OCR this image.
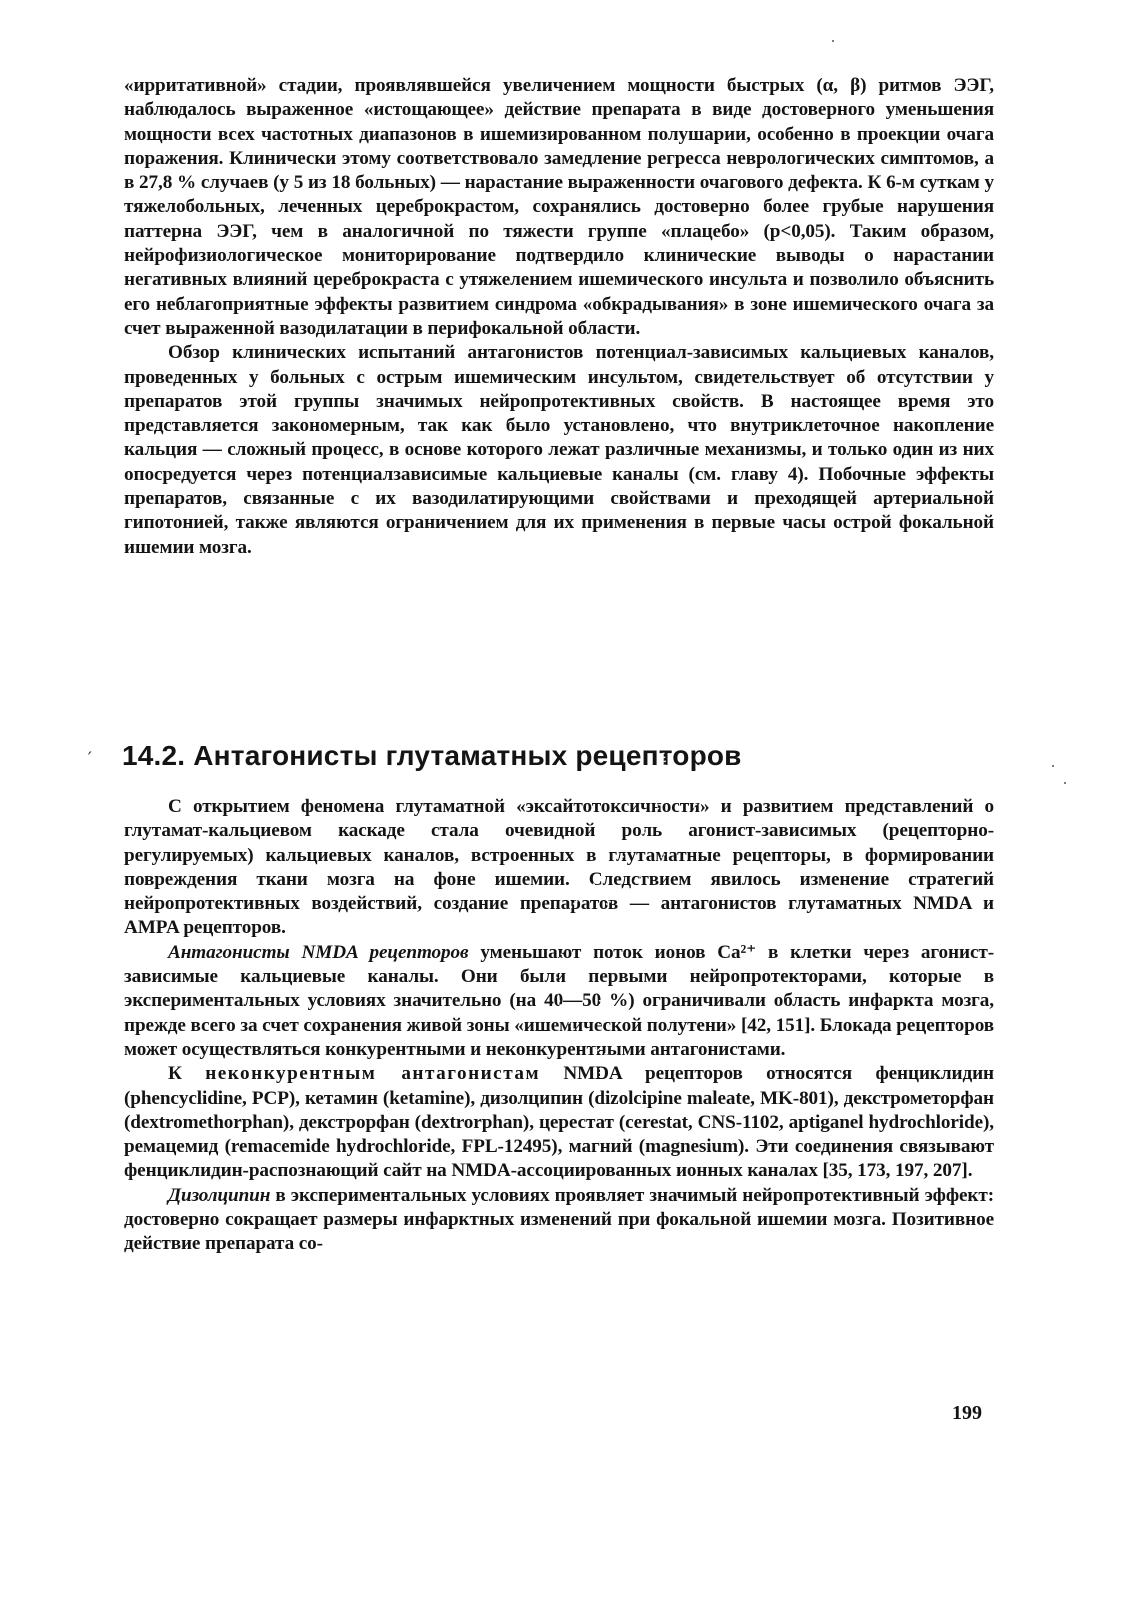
«ирритативной» стадии, проявлявшейся увеличением мощности быстрых (α, β) ритмов ЭЭГ, наблюдалось выраженное «истощающее» действие препарата в виде достоверного уменьшения мощности всех частотных диапазонов в ишемизированном полушарии, особенно в проекции очага поражения. Клинически этому соответствовало замедление регресса неврологических симптомов, а в 27,8 % случаев (у 5 из 18 больных) — нарастание выраженности очагового дефекта. К 6-м суткам у тяжелобольных, леченных цереброкрастом, сохранялись достоверно более грубые нарушения паттерна ЭЭГ, чем в аналогичной по тяжести группе «плацебо» (p<0,05). Таким образом, нейрофизиологическое мониторирование подтвердило клинические выводы о нарастании негативных влияний цереброкраста с утяжелением ишемического инсульта и позволило объяснить его неблагоприятные эффекты развитием синдрома «обкрадывания» в зоне ишемического очага за счет выраженной вазодилатации в перифокальной области.

Обзор клинических испытаний антагонистов потенциал-зависимых кальциевых каналов, проведенных у больных с острым ишемическим инсультом, свидетельствует об отсутствии у препаратов этой группы значимых нейропротективных свойств. В настоящее время это представляется закономерным, так как было установлено, что внутриклеточное накопление кальция — сложный процесс, в основе которого лежат различные механизмы, и только один из них опосредуется через потенциалзависимые кальциевые каналы (см. главу 4). Побочные эффекты препаратов, связанные с их вазодилатирующими свойствами и преходящей артериальной гипотонией, также являются ограничением для их применения в первые часы острой фокальной ишемии мозга.

′ 14.2. Антагонисты глутаматных рецепторов

С открытием феномена глутаматной «эксайтотоксичности» и развитием представлений о глутамат-кальциевом каскаде стала очевидной роль агонист-зависимых (рецепторно-регулируемых) кальциевых каналов, встроенных в глутаматные рецепторы, в формировании повреждения ткани мозга на фоне ишемии. Следствием явилось изменение стратегий нейропротективных воздействий, создание препаратов — антагонистов глутаматных NMDA и AMPA рецепторов.

Антагонисты NMDA рецепторов уменьшают поток ионов Ca²⁺ в клетки через агонист-зависимые кальциевые каналы. Они были первыми нейропротекторами, которые в экспериментальных условиях значительно (на 40—50 %) ограничивали область инфаркта мозга, прежде всего за счет сохранения живой зоны «ишемической полутени» [42, 151]. Блокада рецепторов может осуществляться конкурентными и неконкурентными антагонистами.

К неконкурентным антагонистам NMDA рецепторов относятся фенциклидин (phencyclidine, PCP), кетамин (ketamine), дизолципин (dizolcipine maleate, MK-801), декстрометорфан (dextromethorphan), декстрорфан (dextrorphan), церестат (cerestat, CNS-1102, aptiganel hydrochloride), ремацемид (remacemide hydrochloride, FPL-12495), магний (magnesium). Эти соединения связывают фенциклидин-распознающий сайт на NMDA-ассоциированных ионных каналах [35, 173, 197, 207].

Дизолципин в экспериментальных условиях проявляет значимый нейропротективный эффект: достоверно сокращает размеры инфарктных изменений при фокальной ишемии мозга. Позитивное действие препарата со-

199
